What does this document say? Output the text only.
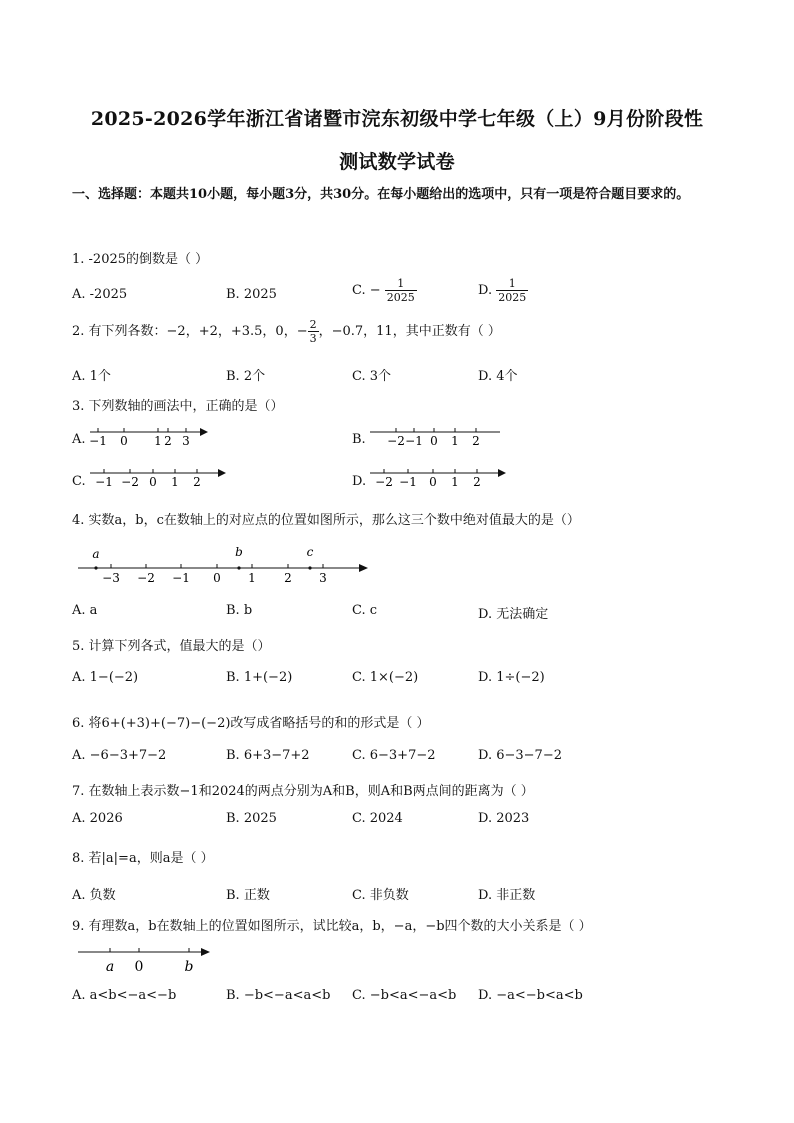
2025-2026学年浙江省诸暨市浣东初级中学七年级（上）9月份阶段性
测试数学试卷
一、选择题：本题共10小题，每小题3分，共30分。在每小题给出的选项中，只有一项是符合题目要求的。
1. -2025的倒数是（ ）
A. -2025	B. 2025	C. − $\frac{1}{2025}$	D. $\frac{1}{2025}$
2. 有下列各数：−2，+2，+3.5，0，− $\frac{2}{3}$ ，−0.7，11，其中正数有（ ）
A. 1个	B. 2个	C. 3个	D. 4个
3. 下列数轴的画法中，正确的是（）
A. −1 0 1 2 3	B. −2 −1 0 1 2
C. −1 −2 0 1 2	D. −2 −1 0 1 2
4. 实数a，b，c在数轴上的对应点的位置如图所示，那么这三个数中绝对值最大的是（）
−3 −2 −1 0 1 2 3
a	b	c
A. a	B. b	C. c	D. 无法确定
5. 计算下列各式，值最大的是（）
A. 1−(−2)	B. 1+(−2)	C. 1×(−2)	D. 1÷(−2)
6. 将6+(+3)+(−7)−(−2)改写成省略括号的和的形式是（ ）
A. −6−3+7−2	B. 6+3−7+2	C. 6−3+7−2	D. 6−3−7−2
7. 在数轴上表示数−1和2024的两点分别为A和B，则A和B两点间的距离为（ ）
A. 2026	B. 2025	C. 2024	D. 2023
8. 若|a|=a，则a是（ ）
A. 负数	B. 正数	C. 非负数	D. 非正数
9. 有理数a，b在数轴上的位置如图所示，试比较a，b，−a，−b四个数的大小关系是（ ）
a 0	b
A. a<b<−a<−b	B. −b<−a<a<b C. −b<a<−a<b D. −a<−b<a<b
